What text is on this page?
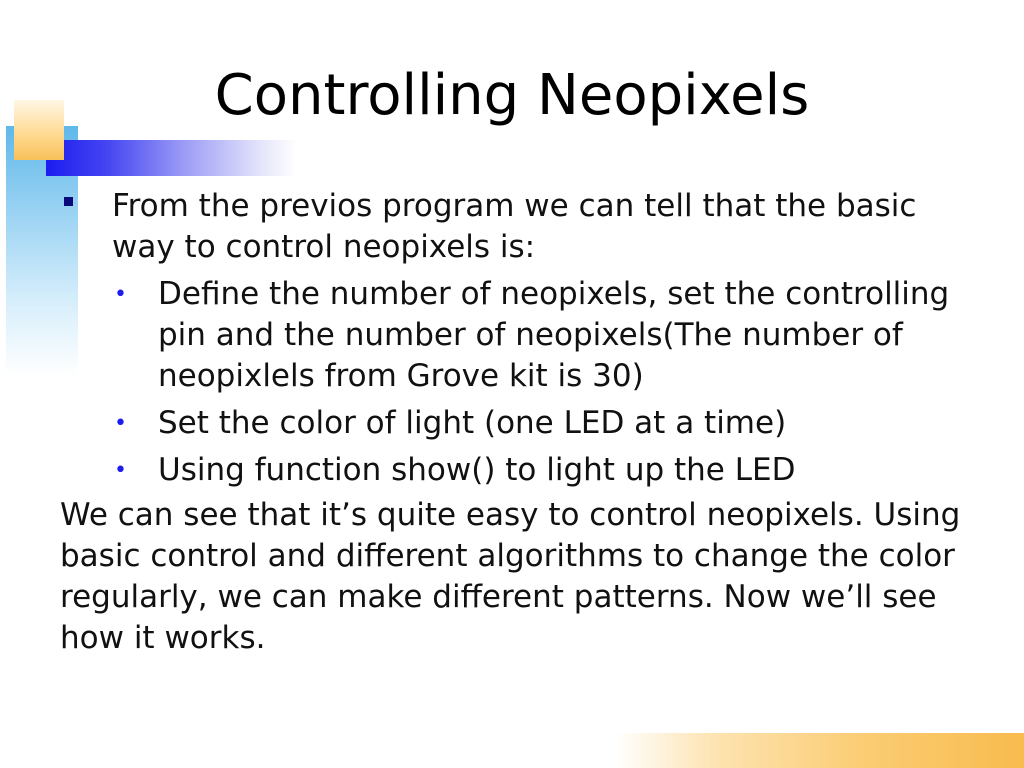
Controlling Neopixels
From the previos program we can tell that the basic way to control neopixels is:
• Define the number of neopixels, set the controlling pin and the number of neopixels(The number of neopixlels from Grove kit is 30)
• Set the color of light (one LED at a time)
• Using function show() to light up the LED
We can see that it’s quite easy to control neopixels. Using basic control and different algorithms to change the color regularly, we can make different patterns. Now we’ll see how it works.
